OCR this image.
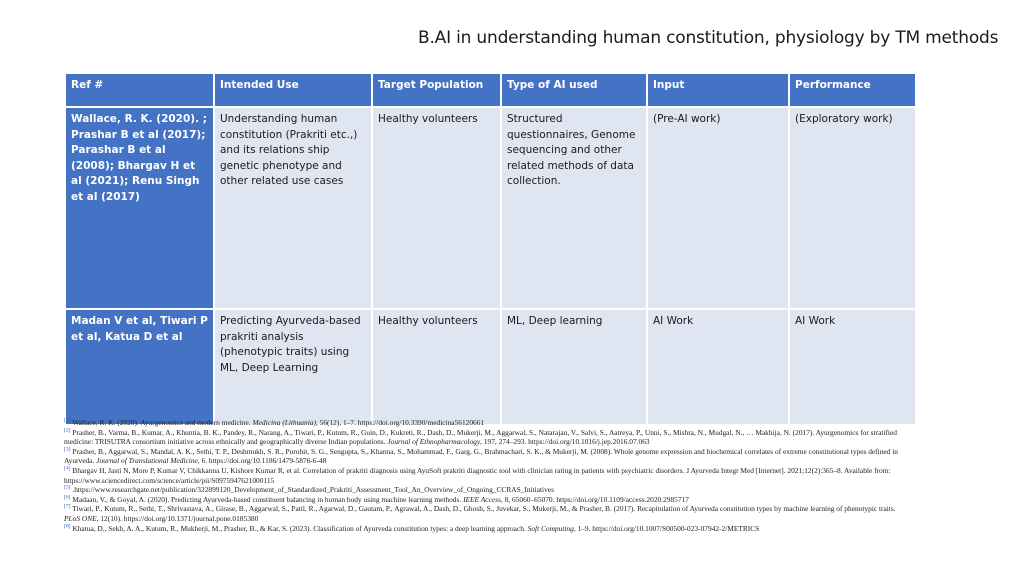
B.AI in understanding human constitution, physiology by TM methods
Ref #	Intended Use	Target Population	Type of AI used	Input	Performance
Wallace, R. K. (2020). ; Prashar B et al (2017); Parashar B et al (2008); Bhargav H et al (2021); Renu Singh et al (2017)	Understanding human constitution (Prakriti etc.,) and its relations ship genetic phenotype and other related use cases	Healthy volunteers	Structured questionnaires, Genome sequencing and other related methods of data collection.	(Pre-AI work)	(Exploratory work)
Madan V et al, Tiwari P et al, Katua D et al	Predicting Ayurveda-based prakriti analysis (phenotypic traits) using ML, Deep Learning	Healthy volunteers	ML, Deep learning	AI Work	AI Work

[1] Wallace, R. K. (2020). Ayurgenomics and modern medicine. Medicina (Lithuania), 56(12), 1–7. https://doi.org/10.3390/medicina56120661

[2] Prasher, B., Varma, B., Kumar, A., Khuntia, B. K., Pandey, R., Narang, A., Tiwari, P., Kutum, R., Guin, D., Kukreti, R., Dash, D., Mukerji, M., Aggarwal, S., Natarajan, V., Salvi, S., Aatreya, P., Unni, S., Mishra, N., Mudgal, N., … Makhija, N. (2017). Ayurgenomics for stratified medicine: TRISUTRA consortium initiative across ethnically and geographically diverse Indian populations. Journal of Ethnopharmacology, 197, 274–293. https://doi.org/10.1016/j.jep.2016.07.063

[3] Prasher, B., Aggarwal, S., Mandal, A. K., Sethi, T. P., Deshmukh, S. R., Purohit, S. G., Sengupta, S., Khanna, S., Mohammad, F., Garg, G., Brahmachari, S. K., & Mukerji, M. (2008). Whole genome expression and biochemical correlates of extreme constitutional types defined in Ayurveda. Journal of Translational Medicine, 6. https://doi.org/10.1186/1479-5876-6-48

[4] Bhargav H, Jasti N, More P, Kumar V, Chikkanna U, Kishore Kumar R, et al. Correlation of prakriti diagnosis using AyuSoft prakriti diagnostic tool with clinician rating in patients with psychiatric disorders. J Ayurveda Integr Med [Internet]. 2021;12(2):365–8. Available from: https://www.sciencedirect.com/science/article/pii/S0975947621000115

[5] .https://www.researchgate.net/publication/322899120_Development_of_Standardized_Prakriti_Assessment_Tool_An_Overview_of_Ongoing_CCRAS_Initiatives

[6] Madaan, V., & Goyal, A. (2020). Predicting Ayurveda-based constituent balancing in human body using machine learning methods. IEEE Access, 8, 65060–65070. https://doi.org/10.1109/access.2020.2985717

[7] Tiwari, P., Kutum, R., Sethi, T., Shrivastava, A., Girase, B., Aggarwal, S., Patil, R., Agarwal, D., Gautam, P., Agrawal, A., Dash, D., Ghosh, S., Juvekar, S., Mukerji, M., & Prasher, B. (2017). Recapitulation of Ayurveda constitution types by machine learning of phenotypic traits. PLoS ONE, 12(10). https://doi.org/10.1371/journal.pone.0185380

[8] Khatua, D., Sekh, A. A., Kutum, R., Mukherji, M., Prasher, B., & Kar, S. (2023). Classification of Ayurveda constitution types: a deep learning approach. Soft Computing, 1–9. https://doi.org/10.1007/S00500-023-07942-2/METRICS
